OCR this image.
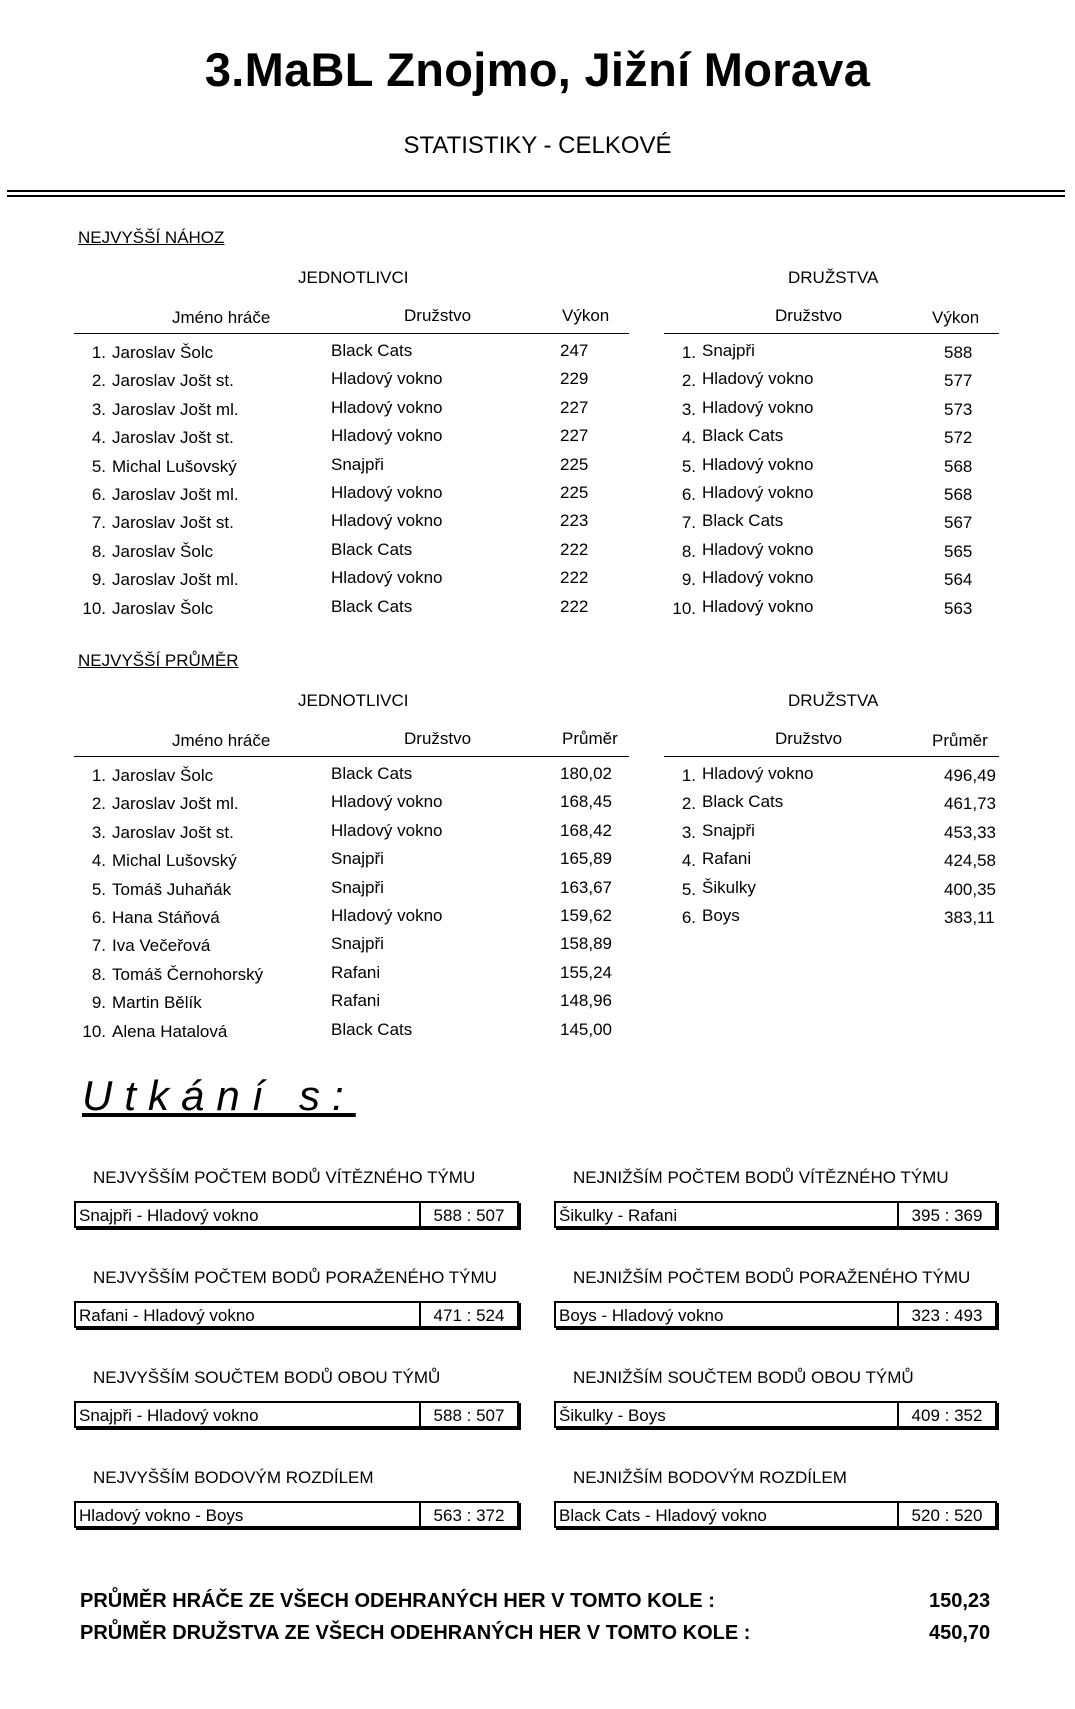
3.MaBL Znojmo, Jižní Morava
STATISTIKY - CELKOVÉ
NEJVYŠŠÍ NÁHOZ
JEDNOTLIVCI
Jméno hráče	Družstvo	Výkon
1. Jaroslav Šolc	Black Cats	247
2. Jaroslav Jošt st.	Hladový vokno	229
3. Jaroslav Jošt ml.	Hladový vokno	227
4. Jaroslav Jošt st.	Hladový vokno	227
5. Michal Lušovský	Snajpři	225
6. Jaroslav Jošt ml.	Hladový vokno	225
7. Jaroslav Jošt st.	Hladový vokno	223
8. Jaroslav Šolc	Black Cats	222
9. Jaroslav Jošt ml.	Hladový vokno	222
10. Jaroslav Šolc	Black Cats	222
DRUŽSTVA
Družstvo	Výkon
1. Snajpři	588
2. Hladový vokno	577
3. Hladový vokno	573
4. Black Cats	572
5. Hladový vokno	568
6. Hladový vokno	568
7. Black Cats	567
8. Hladový vokno	565
9. Hladový vokno	564
10. Hladový vokno	563
NEJVYŠŠÍ PRŮMĚR
JEDNOTLIVCI
Jméno hráče	Družstvo	Průměr
1. Jaroslav Šolc	Black Cats	180,02
2. Jaroslav Jošt ml.	Hladový vokno	168,45
3. Jaroslav Jošt st.	Hladový vokno	168,42
4. Michal Lušovský	Snajpři	165,89
5. Tomáš Juhaňák	Snajpři	163,67
6. Hana Stáňová	Hladový vokno	159,62
7. Iva Večeřová	Snajpři	158,89
8. Tomáš Černohorský	Rafani	155,24
9. Martin Bělík	Rafani	148,96
10. Alena Hatalová	Black Cats	145,00
DRUŽSTVA
Družstvo	Průměr
1. Hladový vokno	496,49
2. Black Cats	461,73
3. Snajpři	453,33
4. Rafani	424,58
5. Šikulky	400,35
6. Boys	383,11
Utkání s:
NEJVYŠŠÍM POČTEM BODŮ VÍTĚZNÉHO TÝMU
Snajpři - Hladový vokno	588 : 507
NEJVYŠŠÍM POČTEM BODŮ PORAŽENÉHO TÝMU
Rafani - Hladový vokno	471 : 524
NEJVYŠŠÍM SOUČTEM BODŮ OBOU TÝMŮ
Snajpři - Hladový vokno	588 : 507
NEJVYŠŠÍM BODOVÝM ROZDÍLEM
Hladový vokno - Boys	563 : 372
NEJNIŽŠÍM POČTEM BODŮ VÍTĚZNÉHO TÝMU
Šikulky - Rafani	395 : 369
NEJNIŽŠÍM POČTEM BODŮ PORAŽENÉHO TÝMU
Boys - Hladový vokno	323 : 493
NEJNIŽŠÍM SOUČTEM BODŮ OBOU TÝMŮ
Šikulky - Boys	409 : 352
NEJNIŽŠÍM BODOVÝM ROZDÍLEM
Black Cats - Hladový vokno	520 : 520
PRŮMĚR HRÁČE ZE VŠECH ODEHRANÝCH HER V TOMTO KOLE :	150,23
PRŮMĚR DRUŽSTVA ZE VŠECH ODEHRANÝCH HER V TOMTO KOLE :	450,70
